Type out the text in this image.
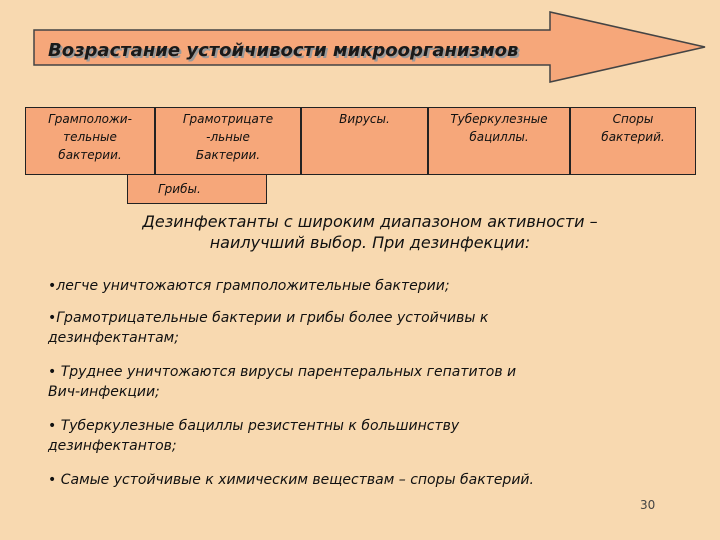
Возрастание устойчивости микроорганизмов
Грамположи-
тельные
бактерии.
Грамотрицате
-льные
Бактерии.
Вирусы.	Туберкулезные
бациллы.
Споры
бактерий.
Грибы.
Дезинфектанты с широким диапазоном активности –
наилучший выбор. При дезинфекции:
•легче уничтожаются грамположительные бактерии;
•Грамотрицательные бактерии и грибы более устойчивы к
дезинфектантам;
• Труднее уничтожаются вирусы парентеральных гепатитов и
Вич-инфекции;
• Туберкулезные бациллы резистентны к большинству
дезинфектантов;
• Самые устойчивые к химическим веществам – споры бактерий.
30
